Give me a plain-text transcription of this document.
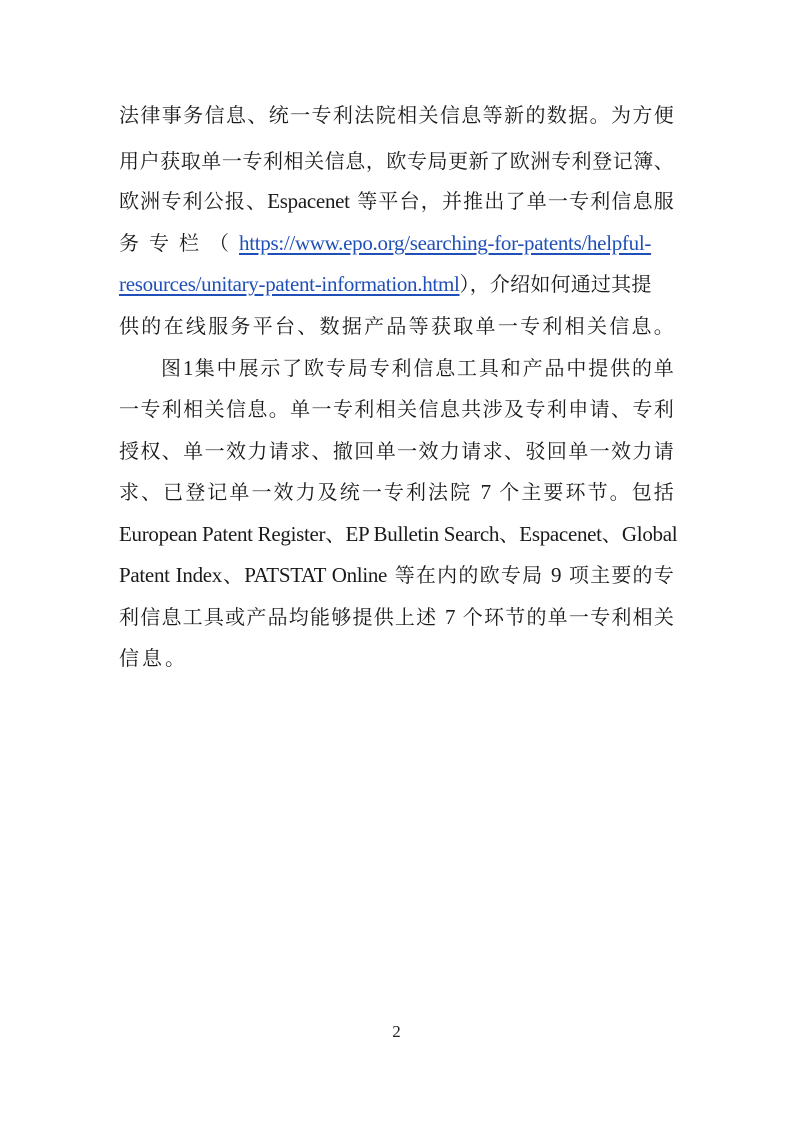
法律事务信息、统一专利法院相关信息等新的数据。为方便
用户获取单一专利相关信息，欧专局更新了欧洲专利登记簿、
欧洲专利公报、Espacenet 等平台，并推出了单一专利信息服
务专栏（https://www.epo.org/searching-for-patents/helpful-
resources/unitary-patent-information.html），介绍如何通过其提
供的在线服务平台、数据产品等获取单一专利相关信息。
图1集中展示了欧专局专利信息工具和产品中提供的单
一专利相关信息。单一专利相关信息共涉及专利申请、专利
授权、单一效力请求、撤回单一效力请求、驳回单一效力请
求、已登记单一效力及统一专利法院 7 个主要环节。包括
European Patent Register、EP Bulletin Search、Espacenet、Global
Patent Index、PATSTAT Online 等在内的欧专局 9 项主要的专
利信息工具或产品均能够提供上述 7 个环节的单一专利相关
信息。
2
